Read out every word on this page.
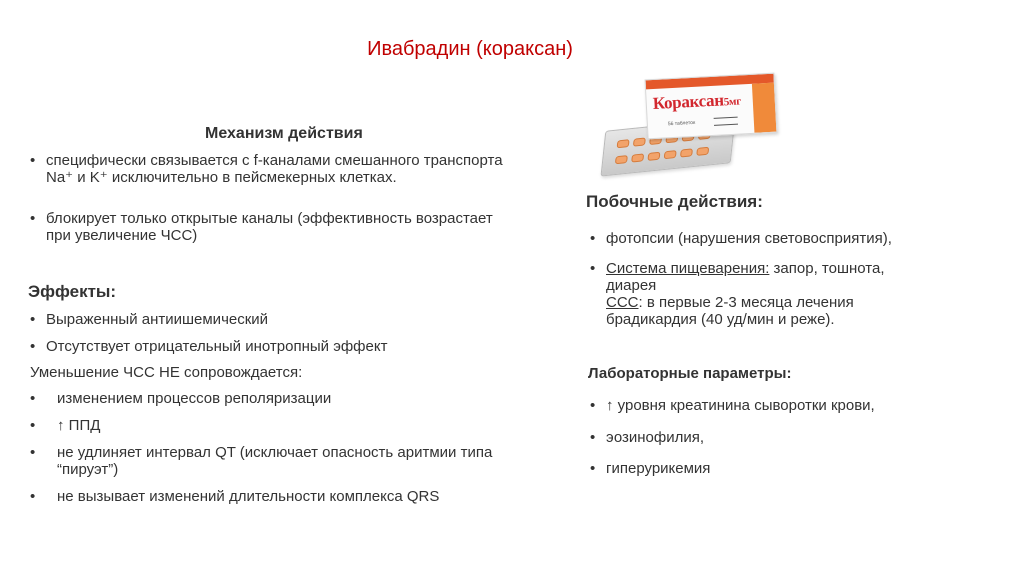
Ивабрадин (кораксан)
Механизм действия
• специфически связывается с f-каналами смешанного транспорта Na⁺ и K⁺ исключительно в пейсмекерных клетках.
• блокирует только открытые каналы (эффективность возрастает при увеличение ЧСС)
Эффекты:
• Выраженный антиишемический
• Отсутствует отрицательный инотропный эффект
Уменьшение ЧСС НЕ сопровождается:
• изменением процессов реполяризации
• ↑ ППД
• не удлиняет интервал QT (исключает опасность аритмии типа “пируэт”)
• не вызывает изменений длительности комплекса QRS
Кораксан5мг
56 таблеток
Побочные действия:
• фотопсии (нарушения световосприятия),
• Система пищеварения: запор, тошнота, диарея
ССС: в первые 2-3 месяца лечения брадикардия (40 уд/мин и реже).
Лабораторные параметры:
• ↑ уровня креатинина сыворотки крови,
• эозинофилия,
• гиперурикемия
